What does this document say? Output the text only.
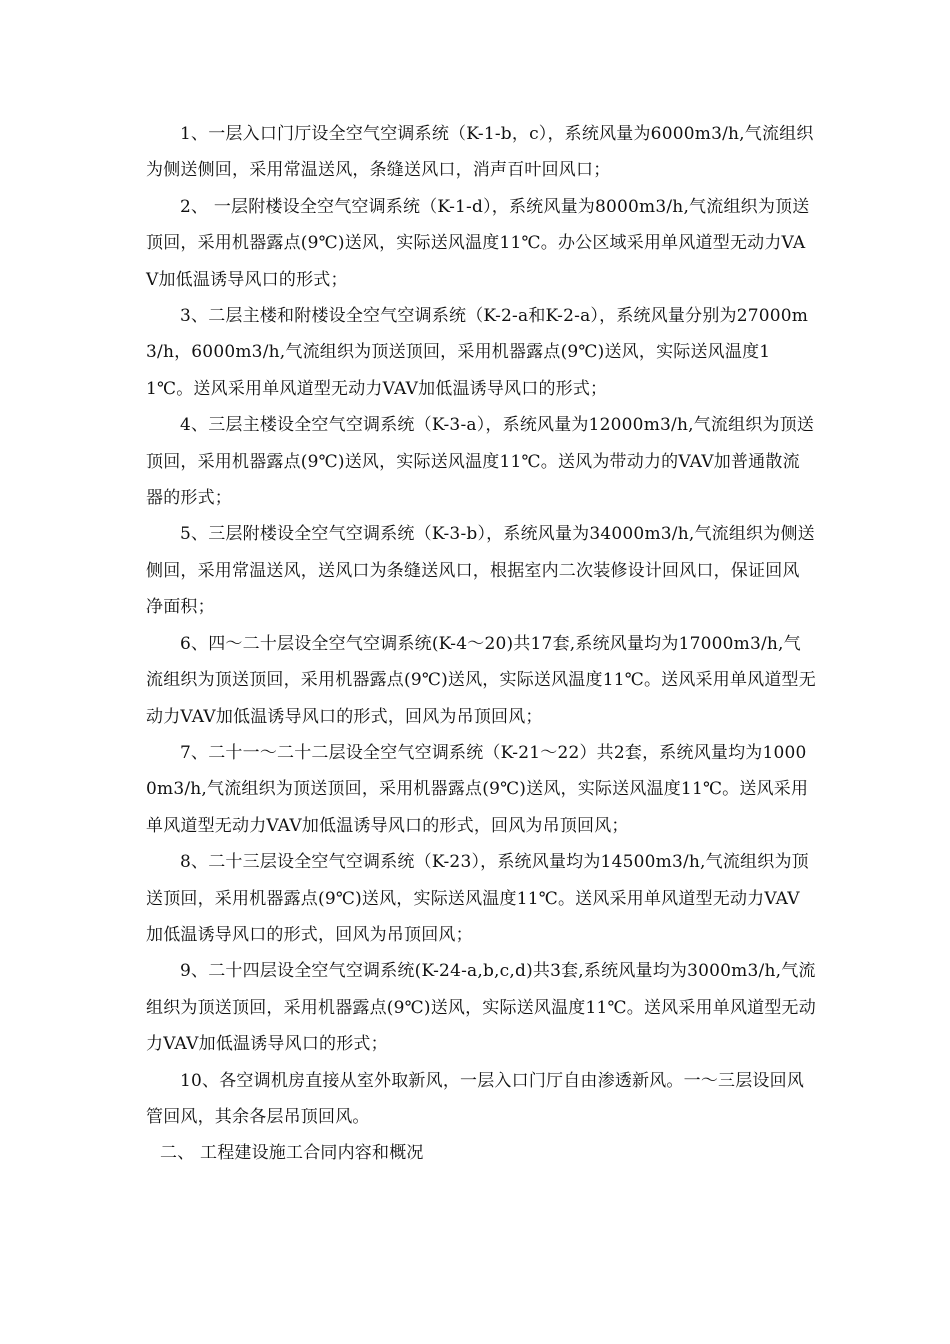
1、一层入口门厅设全空气空调系统（K-1-b，c），系统风量为6000m3/h,气流组织为侧送侧回，采用常温送风，条缝送风口，消声百叶回风口；

2、 一层附楼设全空气空调系统（K-1-d），系统风量为8000m3/h,气流组织为顶送顶回，采用机器露点(9℃)送风，实际送风温度11℃。办公区域采用单风道型无动力VAV加低温诱导风口的形式；

3、二层主楼和附楼设全空气空调系统（K-2-a和K-2-a），系统风量分别为27000m3/h，6000m3/h,气流组织为顶送顶回，采用机器露点(9℃)送风，实际送风温度11℃。送风采用单风道型无动力VAV加低温诱导风口的形式；

4、三层主楼设全空气空调系统（K-3-a），系统风量为12000m3/h,气流组织为顶送顶回，采用机器露点(9℃)送风，实际送风温度11℃。送风为带动力的VAV加普通散流器的形式；

5、三层附楼设全空气空调系统（K-3-b），系统风量为34000m3/h,气流组织为侧送侧回，采用常温送风，送风口为条缝送风口，根据室内二次装修设计回风口，保证回风净面积；

6、四～二十层设全空气空调系统(K-4～20)共17套,系统风量均为17000m3/h,气流组织为顶送顶回，采用机器露点(9℃)送风，实际送风温度11℃。送风采用单风道型无动力VAV加低温诱导风口的形式，回风为吊顶回风；

7、二十一～二十二层设全空气空调系统（K-21～22）共2套，系统风量均为10000m3/h,气流组织为顶送顶回，采用机器露点(9℃)送风，实际送风温度11℃。送风采用单风道型无动力VAV加低温诱导风口的形式，回风为吊顶回风；

8、二十三层设全空气空调系统（K-23），系统风量均为14500m3/h,气流组织为顶送顶回，采用机器露点(9℃)送风，实际送风温度11℃。送风采用单风道型无动力VAV加低温诱导风口的形式，回风为吊顶回风；

9、二十四层设全空气空调系统(K-24-a,b,c,d)共3套,系统风量均为3000m3/h,气流组织为顶送顶回，采用机器露点(9℃)送风，实际送风温度11℃。送风采用单风道型无动力VAV加低温诱导风口的形式；

10、各空调机房直接从室外取新风，一层入口门厅自由渗透新风。一～三层设回风管回风，其余各层吊顶回风。

二、 工程建设施工合同内容和概况
